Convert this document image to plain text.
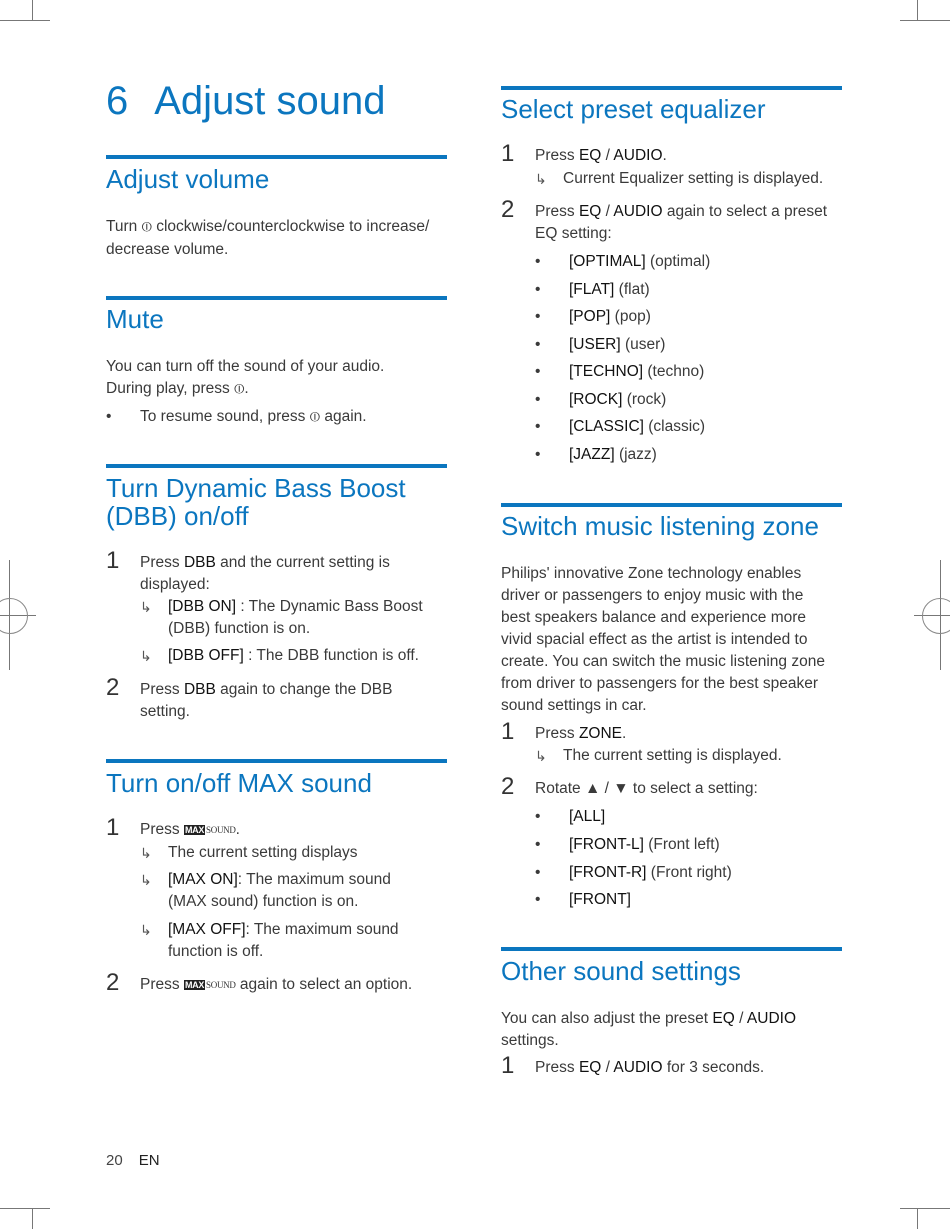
6 Adjust sound
Adjust volume

Turn ⏼ clockwise/counterclockwise to increase/
decrease volume.

Mute

You can turn off the sound of your audio.
During play, press ⏼.

• To resume sound, press ⏼ again.
Turn Dynamic Bass Boost
(DBB) on/off
1 Press DBB and the current setting is
displayed:

↳ [DBB ON] : The Dynamic Bass Boost
(DBB) function is on.
↳ [DBB OFF] : The DBB function is off.
2 Press DBB again to change the DBB
setting.

Turn on/off MAX sound
1 Press MAX SOUND.

↳ The current setting displays
↳ [MAX ON]: The maximum sound
(MAX sound) function is on.
↳ [MAX OFF]: The maximum sound
function is off.
2 Press MAX SOUND again to select an option.

Select preset equalizer
1 Press EQ / AUDIO.

↳ Current Equalizer setting is displayed.
2 Press EQ / AUDIO again to select a preset
EQ setting:

• [OPTIMAL] (optimal)
• [FLAT] (flat)
• [POP] (pop)
• [USER] (user)
• [TECHNO] (techno)
• [ROCK] (rock)
• [CLASSIC] (classic)
• [JAZZ] (jazz)
Switch music listening zone

Philips' innovative Zone technology enables
driver or passengers to enjoy music with the
best speakers balance and experience more
vivid spacial effect as the artist is intended to
create. You can switch the music listening zone
from driver to passengers for the best speaker
sound settings in car.

1 Press ZONE.

↳ The current setting is displayed.
2 Rotate ▲ / ▼ to select a setting:

• [ALL]
• [FRONT-L] (Front left)
• [FRONT-R] (Front right)
• [FRONT]
Other sound settings

You can also adjust the preset EQ / AUDIO
settings.

1 Press EQ / AUDIO for 3 seconds.

20 EN
